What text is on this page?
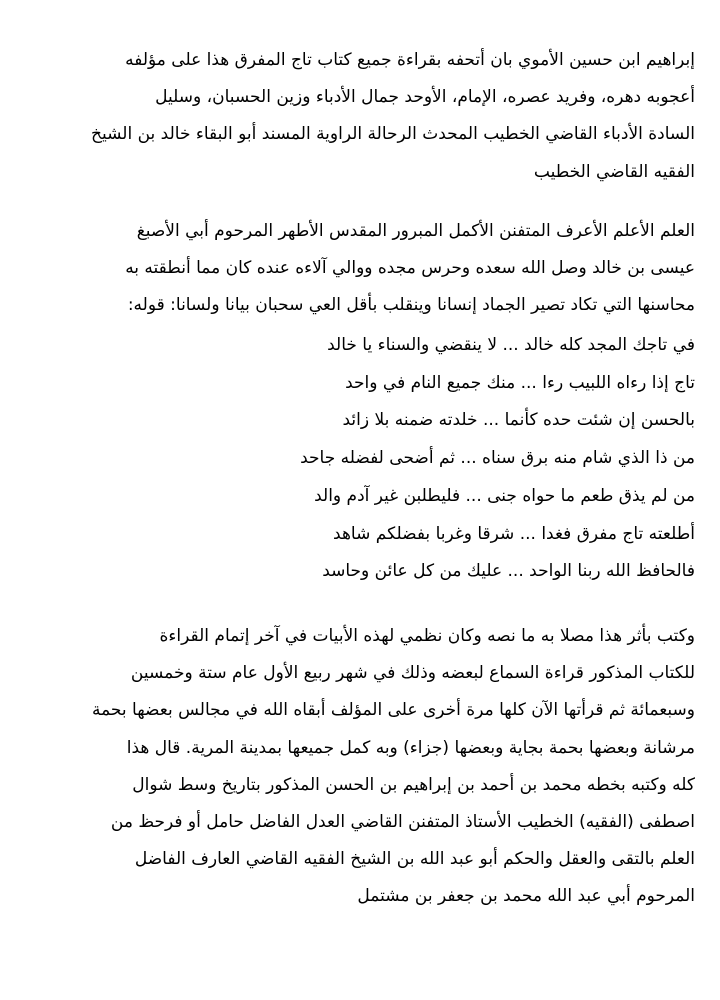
إبراهيم ابن حسين الأموي بان أتحفه بقراءة جميع كتاب تاج المفرق هذا على مؤلفه
أعجوبه دهره، وفريد عصره، الإمام، الأوحد جمال الأدباء وزين الحسبان، وسليل
السادة الأدباء القاضي الخطيب المحدث الرحالة الراوية المسند أبو البقاء خالد بن الشيخ
الفقيه القاضي الخطيب
العلم الأعلم الأعرف المتفنن الأكمل المبرور المقدس الأطهر المرحوم أبي الأصبغ
عيسى بن خالد وصل الله سعده وحرس مجده ووالي آلاءه عنده كان مما أنطقته به
محاسنها التي تكاد تصير الجماد إنسانا وينقلب بأقل العي سحبان بيانا ولسانا: قوله:
في تاجك المجد كله خالد ... لا ينقضي والسناء يا خالد
تاج إذا رءاه اللبيب رءا ... منك جميع النام في واحد
بالحسن إن شئت حده كأنما ... خلدته ضمنه بلا زائد
من ذا الذي شام منه برق سناه ... ثم أضحى لفضله جاحد
من لم يذق طعم ما حواه جنى ... فليطلبن غير آدم والد
أطلعته تاج مفرق فغدا ... شرقا وغربا بفضلكم شاهد
فالحافظ الله ربنا الواحد ... عليك من كل عائن وحاسد
وكتب بأثر هذا مصلا به ما نصه وكان نظمي لهذه الأبيات في آخر إتمام القراءة
للكتاب المذكور قراءة السماع لبعضه وذلك في شهر ربيع الأول عام ستة وخمسين
وسبعمائة ثم قرأتها الآن كلها مرة أخرى على المؤلف أبقاه الله في مجالس بعضها بحمة
مرشانة وبعضها بحمة بجاية وبعضها (جزاء) وبه كمل جميعها بمدينة المرية. قال هذا
كله وكتبه بخطه محمد بن أحمد بن إبراهيم بن الحسن المذكور بتاريخ وسط شوال
اصطفى (الفقيه) الخطيب الأستاذ المتفنن القاضي العدل الفاضل حامل أو فرحظ من
العلم بالتقى والعقل والحكم أبو عبد الله بن الشيخ الفقيه القاضي العارف الفاضل
المرحوم أبي عبد الله محمد بن جعفر بن مشتمل
